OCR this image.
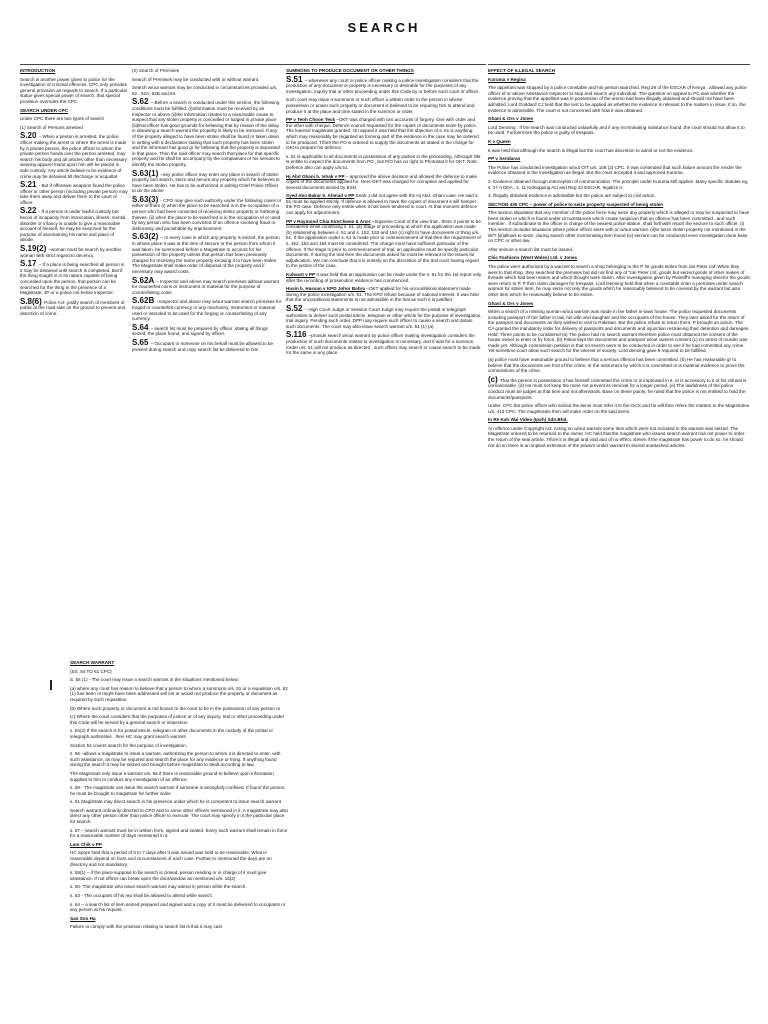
SEARCH

INTRODUCTION

Search is another power given to police for the investigation of criminal offences. CPC only provides general provision as regards to search. If a particular statue gives special power of search, that special provision overrides the CPC.

SEARCH UNDER CPC

Under CPC there are two types of search

(1) Search of Persons arrested

S.20 – When a person is arrested, the police officer making the arrest or where the arrest is made by a private person, the police officer to whom the private person hands over the person arrested, may search his body and all articles other than necessary wearing apparel found upon him will be placed in safe custody. Any article believe to be evidence of crime may be detained till discharge or acquittal

S.21 - But if offensive weapons found the police officer or other person (including private person) may take them away and deliver them to the court or officer.

S.22 - If a person is under lawful custody but becos of incapacity from intoxication, illness, mental disorder or infancy is unable to give a reasonable account of himself, he may be searched for the purpose of ascertaining his name and place of abode.

S.19(2) –woman must be search by another woman with strict regard to decency.

S.17 – If a place is being searched all person in it may be detained until search is completed. But if the thing sought is in its nature capable of being concealed upon the person, that person can be searched for the thing in the presence of a Magistrate, JP or a police not below Inspector.

S.8(6) Police Act- justify search of members of public at the road side on the ground to prevent and detection of crime.

(2) Search of Premises

Search of Premises may be conducted with or without warrant.

Search w/out warrant may be conducted in circumstances provided u/s. 62 , 62A, 62B and 63.

S.62 – Before a search is conducted under this section, the following conditions must be fulfilled. (i)Information must be received by an Inspector or above (ii)the information relates to a reasonable cause to suspect that any stolen property is concealed or lodged in private place (iii)that officer has good grounds for believing that by reason of the delay in obtaining a search warrant the property is likely to be removed. If any of the property alleged to have been stolen shall be found or taken down in writing with a declaration stating that such property has been stolen and the informant has good gr for believing that the property is deposited in that place. Then the said officer may search that place for that specific property and he shall be accompany by the complainant or his servant to identify the stolen property.

S.63(1) –any police officer may enter any place in search of stolen property and search, seize and secure any property which he believes to have been stolen. He has to be authorized in writing Chief Police Officer to do the above

S.63(3) - CPO may give such authority under the following cases or either of them (i) when the place to be searched is in the occupation of a person who had been convicted of receiving stolen property or harboring thieves. (ii) when the place to be searched is in the occupation of or used by any person who has been convicted of an offence involving fraud or dishonesty and punishable by imprisonment.

S.63(2) – In every case in which any property is seized, the person in whose place it was at the time of seizure or the person from whom it was taken, be summoned before a Magistrate to account for his possession of the property unless that person has been previously charged for receiving the same property knowing it to have been stolen. The Magistrate shall make order of disposal of the property and if necessary may award costs.

S.62A – Inspector and above may search premises without warrant for counterfeit coins or instrument or material for the purpose of counterfeiting coins

S.62B - Inspector and above may w/out warrant search premises for forged or counterfeit currency or any machinery, instrument or material used or intended to be used for the forging or counterfeiting of any currency.

S.64 – search list must be prepared by officer ,stating all things seized, the place found, and signed by officer.

S.65 – Occupant or someone on his behalf must be allowed to be present during search and copy search list be delivered to him

SUMMONS TO PRODUCE DOCUMENT OR OTHER THINGS

S.51 – whenever any court or police officer making a police investigation considers that the production of any document or property is necessary or desirable for the purposes of any investigation, inquiry trial or other proceeding under this Code by or before such court of officer,

such court may issue a summons or such officer a written order to the person in whose possession or power such property or document is believed to be requiring him to attend and produce it at the place and time stated in the summon or order.

PP v Teoh Choon Teck –OKT was charged with two accounts of forgery. One with order and the other with cheque. Defence council requested for the copies of documents seize by police. The learned magistrate granted. On appeal it was held that the objective of s. 51 is anything which may reasonably be regarded as forming part of the evidence in the case may be ordered to be produced. T/fore the PO is ordered to supply the documents as stated in the charge for OKt to prepare his defence.

s. 51 is applicable to all documents in possession of any parties in the proceeding. Although Okt is entitle to inspect the documents from PO , but P/O has no right to Photostat it for OKT. Note: Defence also can apply u/s.51.

Hj Abd Ghani b. Ishak v PP – approved the above decision and allowed the defence to make copies of the documents applied for. Here OKT was charged for corruption and applied for several documents seized by BSN.

Syed Abu Bakar b. Ahmad v PP Seah J did not agree with the Hj Abd. Ghani case. He said s. 51 must be applied strictly. If defence is allowed to have the copies of document it will hamper the PO case. Defence only entitle when it has been tendered in court. At that moment defence can apply for adjournment.

PP v Raymond Chia KimChwee & Anor –Supreme Court of the view that , there 3 points to be considered while construing s. 51. (a) Stage of proceeding at which the application was made (b) relationship between s. 51 and s. 152, 153 and 154 (c) right to have documents or thing u/s. 51. If the application under s. 51 is made prior to commencement of trial then the requirement of s. 152, 153 and 154 must be considered. The charge must have sufficient particular of the offence. If the stage is prior to commencement of trial, an application must be specify particular documents. If during the trial then the documents asked for must be relevant to the issues for adjudication. We can conclude that it is entirely on the discretion of the trial court having regard to the justice of the case.

Kulwant v PP It was held that an application can be made under the s. 51 for the 1st report only after the recording of prosecution evidence has commenced.

Husin b. Hassan v KPD Johor Bahru –OKT applied for his unconditional statement made during the police investigation u/s. 51. The KPD refuse because of national interest. It was held that the unconditional statements is not admissible in the trial as such it is justified.

S.52 – High Court Judge or Session Court Judge may require the postal or telegraph authorities to deliver such postal article ,telegram or other article for the purpose of investigation, trial inquiry. Pending such order, DPP may require such officer to cause a search and detain such documents. The court may also issue search warrant u/s. 54 (1) (a)

S.116 –provide search w/out warrant by police officer making investigation considers the production of such documents relates to investigation is necessary, and if wait for a summon /order u/s. 51 will not produce as directed , such officer may search or cause search to be made for the same in any place

EFFECT OF ILLEGAL SEARCH

Kuruma v Regina

The appellant was stopped by a police constable and his person searched. Reg 29 of the ESCAR of Kenya , allowed any police officer of or above Assistance Inspector to stop and search any individual. The question on appeal to PC was whether the evidence proving that the appellant was in possession of the ammo had been illegally obtained and should not have been admitted. Lord Goddard CJ held that the test to be applied as whether the evidence is relevant to the matters in issue, if so, the evidence is admissible. The court is not concerned with how it was obtained.

Ghani & Ors v Jones

Lord Denning : If the search was conducted unlawfully and if any incriminating substance found ,the court should not allow it to be used. Furthermore the police is guilty of trespass.

K v Queen

It was held that although the search is illegal but the court has discretion to admit or not the evidence.

PP v Seridaran

The Police has conducted investigation w/out O/T u/s. 108 (2) CPC. It was contended that such failure amount the render the evidence obtained in the investigation as illegal. But the court accepted it and approved Kuruma.

2. Evidence obtained through interception of communication. The principle under Kuruma still applies. Many specific statutes eg. s. 27 A DDA , s. 11 Kidnapping Act and Reg 23 ESCAR. legalize it.

3. Illegally obtained evidence is admissible but the police are subject to civil action.

SECTION 435 CPC – power of police to seize property suspected of being stolen

This section stipulates that any member of the police force may seize any property which is alleged or may be suspected to have been stolen or which is found under circumstances which create suspicion that an offence has been committed , and such member , if subordinate to the officer in charge of the nearest police station, shall forthwith report the seizure to such officer. (i) This section includes situations where police officer seize with or w/out warrant. (ii)to seize stolen property not mentioned in the W/T (iii)allows to seize ,during search other incriminating item found (iv) seizure can be conducted even investigation done base on CPC or other law.

After seizure a search list must be issued.

Chic Fashions (West Wales) Ltd. v Jones

The police were authorized by a warrant to search a shop belonging to the P for goods stolen from Ian Peter Ltd' When they went to that shop, they searched the premises but did not find any of "Ian Peter Ltd. goods but seized goods of other makes of threads which had been stolen and which thought were stolen. After investigation given by Plaintiff's managing director the goods were return to P. P then claim damages for trespass. Lord Denning held that when a constable enter a premises under search warrant for stolen item, he may seize not only the goods which he reasonably believed to be covered by the warrant but also other item which he reasonably believe to be stolen.

Ghani & Ors v Jones

When a search of a missing woman w/out warrant was made in her father in-laws house. The police requested documents including passport of her father in law, his wife and daughter and the occupants of the house. They later asked for the return of the passport and documents as they wished to visit to Pakistan. But the police refuse to return them. P brought an action. The CA granted the mandatory order for delivery of passports and documents and injunction restraining their detention and damages. Held: Three points to be considered (a) The police had no search warrant therefore police must obtained the consent of the house owner to enter or by force. (b) Police kept the documents and passport w/out owners consent (c) no arrest of murder was made yet. Although commission position is that no search were to be conducted in order to see if he had committed any crime. Yet sometime court allow such search for the interest of society. Lord denning gave 5 required to be fulfilled.

(a) police must have reasonable ground to believe that a serious offence has been committed. (b) He has reasonable gr to believe that the documents are fruit of the crime, or the instrument by which it is committed or is material evidence to prove the commissions of the crime.

(c) That the person in possession it has himself committed the crime or is implicated in it, or is accessory to it or his refusal is unreasonable. (d) He must not keep the more not prevent its removal for a longer period. (e) The lawfulness of the police conduct must be judges at that time and not afterwards. Base on these points, he ruled that the police is not entitled to hold the documents/passports.

Under. CPC the police officer who seized the items must refer it to the OCS and he will then refers the matters to the Magistrates u/s. 413 CPC. The magistrates then will make order on the said items.

In Re Kah Wai Video (Ipoh) Sdn.Bhd.

An offence under Copyright Act. Acting on w/out warrant some item which were not included in the warrant was seized. The Magistrate ordered to be returned to the owner. HC held that the magistrate who issued search warrant has not power to order the return of the seal article. T/fore it is illegal and void and of no effect. Eeven if the magistrate has power to do so, he should not do so there is an implied extension of the powers under warrant to seized unattached articles.

SEARCH WARRANT

(SS. 54 TO 61 CPC)

S. 54 (1) - The court may issue a search warrant in the situations mentioned below:

(a) where any court has reason to believe that a person to whom a summons u/s. 51 or a requisition u/s. 52 (1) has been or might have been addressed will not or would not produce the property or document as required by such requisition.

(b) Where such property or document is not known to the court to be in the possession of any person or

(c) Where the court considers that the purposes of justice or of any inquiry, trial or other proceeding under this Code will be served by a general search or inspection.

s. 54(2) If the search is for postal article, telegram or other documents in the custody of the postal or telegraph authorities , then HC may grant search warrant.

Section 54 covers search for the purpose of investigation.

s. 56 –allows a magistrate to issue a warrant, authorizing the person to whom it is directed to enter, with such assistance, as may be required and search the place for any evidence or thing. If anything found during the search it may be seized and brought before magistrate to dealt according to law.

The Magistrate only issue a warrant u/s. 56 if there is reasonable ground to believe upon information supplied to him to conduct any investigation of an offence.

s. 58 - The magistrate can issue the search warrant if someone is wrongfully confined. If found the person, he must be brought to magistrate for further order.

s. 61 Magistrate may direct search in his presence under which he is competent to issue search warrant.

Search warrant ordinarily directed to CPO and to some other officers mentioned in it. A magistrate may also direct any other person other than police officer to execute. The court may specify in it the particular place for search.

s. 57 – search warrant must be in written form, signed and sealed. Every such warrant shall remain in force for a reasonable number of days mentioned in it.

Lam Chik v PP

HC Spore held that a period of 5 to 7 days after it was issued was held to be reasonable. What is reasonable depend on facts and circumstances of each case. Further to mentioned the days are on directory and not mandatory.

s. 59(1) – if the place suppose to be search is closed, person residing or in charge of it must give assistance. If not officer can break open the door/window as mentioned u/s. 16(2)

s. 60- The magistrate who issue search warrant may attend in person while the search.

s. 63 - The occupant of his rep shall be allowed to attend while search.

s. 64 – a search list of item seized prepared and signed and a copy of it must be delivered to occupants or any person at his request.

San Soo Ha

Failure to comply with the provision relating to search list is that it may cast
